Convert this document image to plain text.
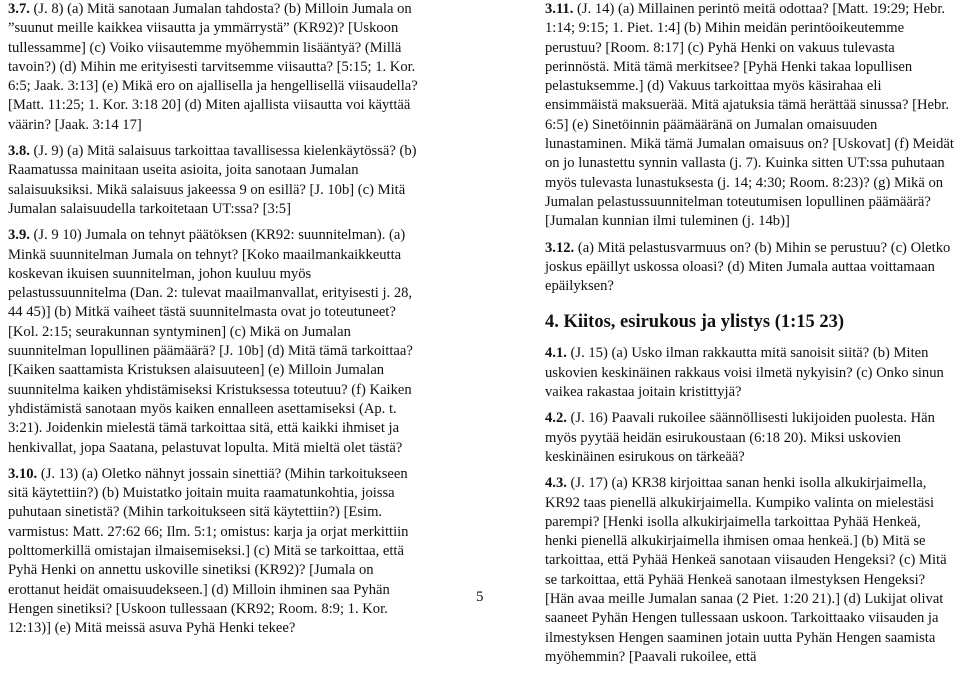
3.7. (J. 8) (a) Mitä sanotaan Jumalan tahdosta? (b) Milloin Jumala on ”suunut meille kaikkea viisautta ja ymmärrystä” (KR92)? [Uskoon tullessamme] (c) Voiko viisautemme myöhemmin lisääntyä? (Millä tavoin?) (d) Mihin me erityisesti tarvitsemme viisautta? [5:15; 1. Kor. 6:5; Jaak. 3:13] (e) Mikä ero on ajallisella ja hengellisellä viisaudella? [Matt. 11:25; 1. Kor. 3:18 20] (d) Miten ajallista viisautta voi käyttää väärin? [Jaak. 3:14 17]

3.8. (J. 9) (a) Mitä salaisuus tarkoittaa tavallisessa kielenkäytössä? (b) Raamatussa mainitaan useita asioita, joita sanotaan Jumalan salaisuuksiksi. Mikä salaisuus jakeessa 9 on esillä? [J. 10b] (c) Mitä Jumalan salaisuudella tarkoitetaan UT:ssa? [3:5]

3.9. (J. 9 10) Jumala on tehnyt päätöksen (KR92: suunnitelman). (a) Minkä suunnitelman Jumala on tehnyt? [Koko maailmankaikkeutta koskevan ikuisen suunnitelman, johon kuuluu myös pelastussuunnitelma (Dan. 2: tulevat maailmanvallat, erityisesti j. 28, 44 45)] (b) Mitkä vaiheet tästä suunnitelmasta ovat jo toteutuneet? [Kol. 2:15; seurakunnan syntyminen] (c) Mikä on Jumalan suunnitelman lopullinen päämäärä? [J. 10b] (d) Mitä tämä tarkoittaa? [Kaiken saattamista Kristuksen alaisuuteen] (e) Milloin Jumalan suunnitelma kaiken yhdistämiseksi Kristuksessa toteutuu? (f) Kaiken yhdistämistä sanotaan myös kaiken ennalleen asettamiseksi (Ap. t. 3:21). Joidenkin mielestä tämä tarkoittaa sitä, että kaikki ihmiset ja henkivallat, jopa Saatana, pelastuvat lopulta. Mitä mieltä olet tästä?

3.10. (J. 13) (a) Oletko nähnyt jossain sinettiä? (Mihin tarkoitukseen sitä käytettiin?) (b) Muistatko joitain muita raamatunkohtia, joissa puhutaan sinetistä? (Mihin tarkoitukseen sitä käytettiin?) [Esim. varmistus: Matt. 27:62 66; Ilm. 5:1; omistus: karja ja orjat merkittiin polttomerkillä omistajan ilmaisemiseksi.] (c) Mitä se tarkoittaa, että Pyhä Henki on annettu uskoville sinetiksi (KR92)? [Jumala on erottanut heidät omaisuudekseen.] (d) Milloin ihminen saa Pyhän Hengen sinetiksi? [Uskoon tullessaan (KR92; Room. 8:9; 1. Kor. 12:13)] (e) Mitä meissä asuva Pyhä Henki tekee?

3.11. (J. 14) (a) Millainen perintö meitä odottaa? [Matt. 19:29; Hebr. 1:14; 9:15; 1. Piet. 1:4] (b) Mihin meidän perintöoikeutemme perustuu? [Room. 8:17] (c) Pyhä Henki on vakuus tulevasta perinnöstä. Mitä tämä merkitsee? [Pyhä Henki takaa lopullisen pelastuksemme.] (d) Vakuus tarkoittaa myös käsirahaa eli ensimmäistä maksuerää. Mitä ajatuksia tämä herättää sinussa? [Hebr. 6:5] (e) Sinetöinnin päämääränä on Jumalan omaisuuden lunastaminen. Mikä tämä Jumalan omaisuus on? [Uskovat] (f) Meidät on jo lunastettu synnin vallasta (j. 7). Kuinka sitten UT:ssa puhutaan myös tulevasta lunastuksesta (j. 14; 4:30; Room. 8:23)? (g) Mikä on Jumalan pelastussuunnitelman toteutumisen lopullinen päämäärä? [Jumalan kunnian ilmi tuleminen (j. 14b)]

3.12. (a) Mitä pelastusvarmuus on? (b) Mihin se perustuu? (c) Oletko joskus epäillyt uskossa oloasi? (d) Miten Jumala auttaa voittamaan epäilyksen?

4. Kiitos, esirukous ja ylistys (1:15 23)

4.1. (J. 15) (a) Usko ilman rakkautta mitä sanoisit siitä? (b) Miten uskovien keskinäinen rakkaus voisi ilmetä nykyisin? (c) Onko sinun vaikea rakastaa joitain kristittyjä?

4.2. (J. 16) Paavali rukoilee säännöllisesti lukijoiden puolesta. Hän myös pyytää heidän esirukoustaan (6:18 20). Miksi uskovien keskinäinen esirukous on tärkeää?

4.3. (J. 17) (a) KR38 kirjoittaa sanan henki isolla alkukirjaimella, KR92 taas pienellä alkukirjaimella. Kumpiko valinta on mielestäsi parempi? [Henki isolla alkukirjaimella tarkoittaa Pyhää Henkeä, henki pienellä alkukirjaimella ihmisen omaa henkeä.] (b) Mitä se tarkoittaa, että Pyhää Henkeä sanotaan viisauden Hengeksi? (c) Mitä se tarkoittaa, että Pyhää Henkeä sanotaan ilmestyksen Hengeksi? [Hän avaa meille Jumalan sanaa (2 Piet. 1:20 21).] (d) Lukijat olivat saaneet Pyhän Hengen tullessaan uskoon. Tarkoittaako viisauden ja ilmestyksen Hengen saaminen jotain uutta Pyhän Hengen saamista myöhemmin? [Paavali rukoilee, että

5
